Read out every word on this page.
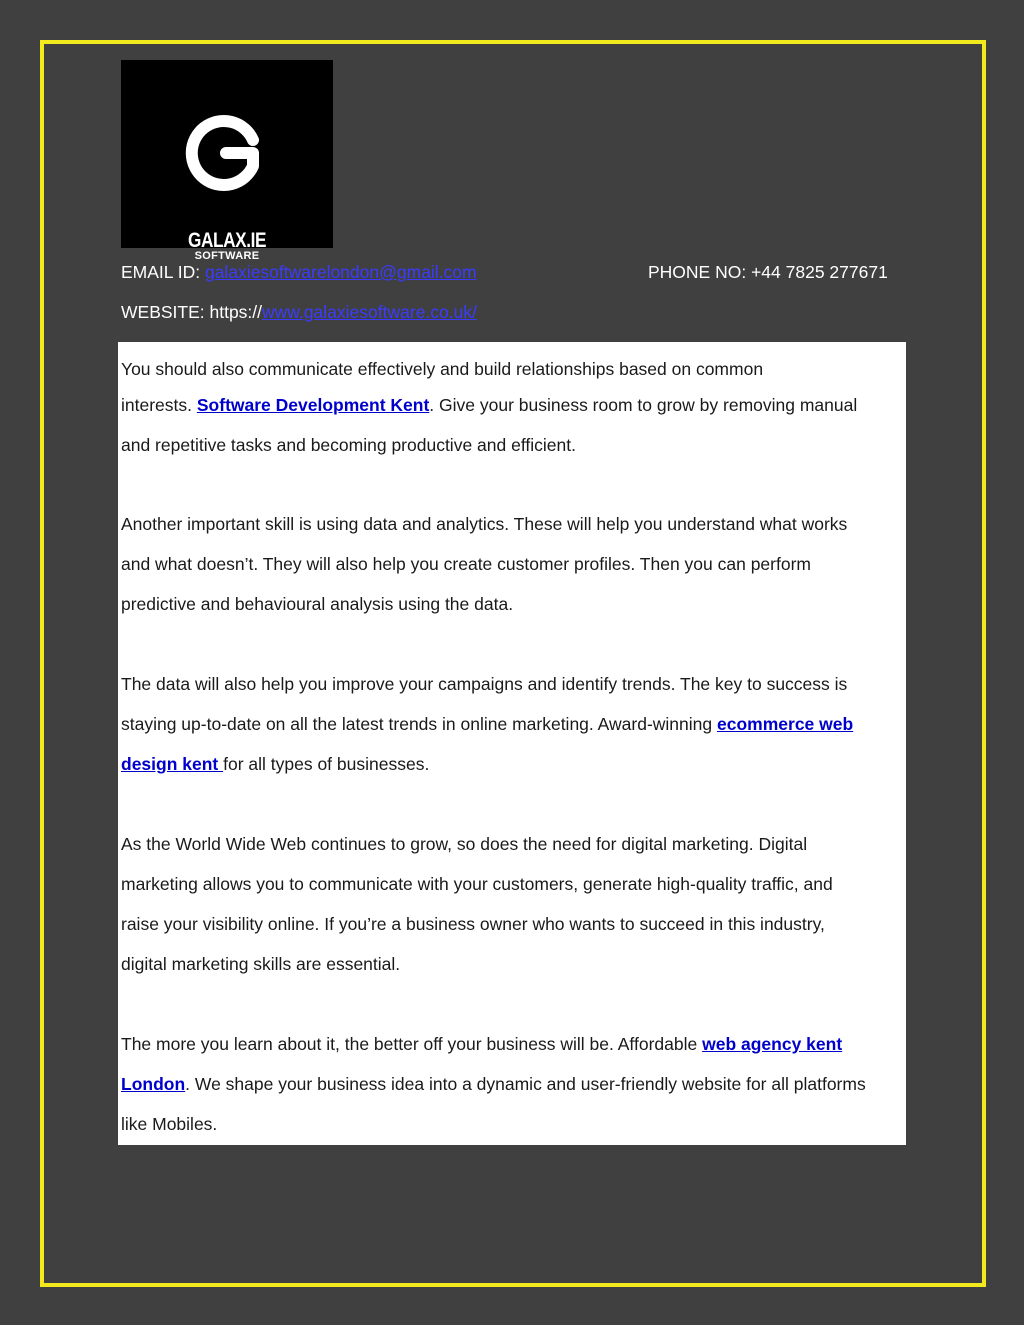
GALAX.IE
SOFTWARE
EMAIL ID: galaxiesoftwarelondon@gmail.com	PHONE NO: +44 7825 277671
WEBSITE: https://www.galaxiesoftware.co.uk/

You should also communicate effectively and build relationships based on common
interests. Software Development Kent. Give your business room to grow by removing manual
and repetitive tasks and becoming productive and efficient.

Another important skill is using data and analytics. These will help you understand what works
and what doesn’t. They will also help you create customer profiles. Then you can perform
predictive and behavioural analysis using the data.

The data will also help you improve your campaigns and identify trends. The key to success is
staying up-to-date on all the latest trends in online marketing. Award-winning ecommerce web
design kent for all types of businesses.

As the World Wide Web continues to grow, so does the need for digital marketing. Digital
marketing allows you to communicate with your customers, generate high-quality traffic, and
raise your visibility online. If you’re a business owner who wants to succeed in this industry,
digital marketing skills are essential.

The more you learn about it, the better off your business will be. Affordable web agency kent
London. We shape your business idea into a dynamic and user-friendly website for all platforms
like Mobiles.
